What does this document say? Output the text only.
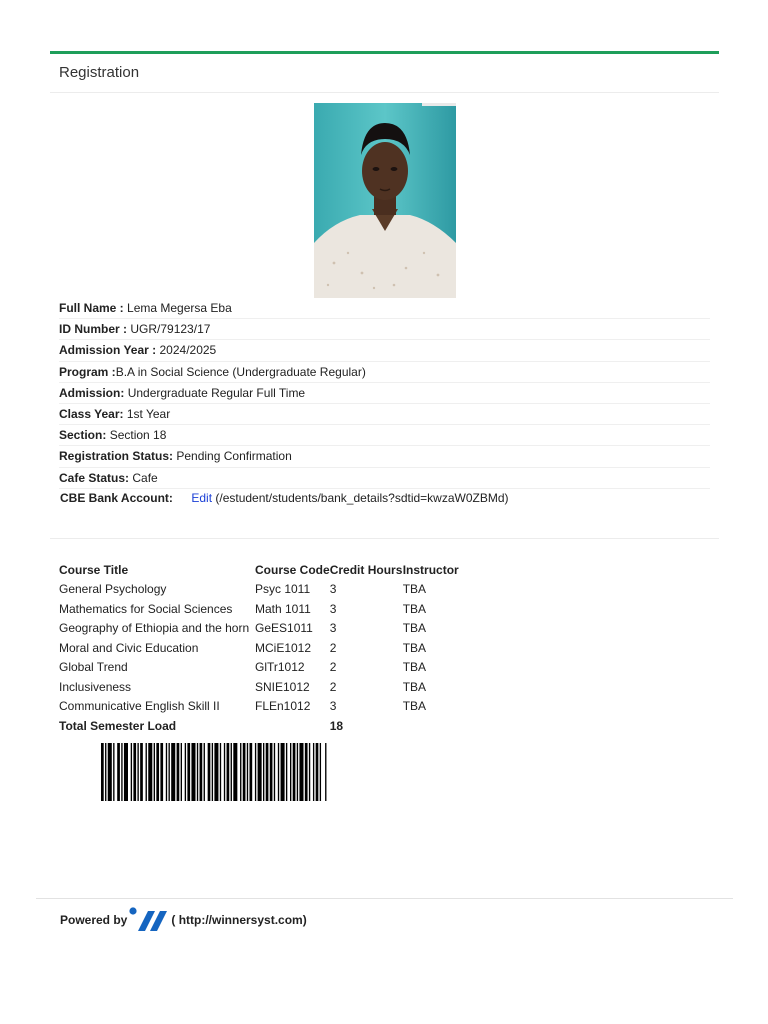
Registration
Full Name : Lema Megersa Eba
ID Number : UGR/79123/17
Admission Year : 2024/2025
Program :B.A in Social Science (Undergraduate Regular)
Admission: Undergraduate Regular Full Time
Class Year: 1st Year
Section: Section 18
Registration Status: Pending Confirmation
Cafe Status: Cafe
CBE Bank Account: Edit (/estudent/students/bank_details?sdtid=kwzaW0ZBMd)
Course Title	Course Code	Credit Hours	Instructor
General Psychology	Psyc 1011	3	TBA
Mathematics for Social Sciences	Math 1011	3	TBA
Geography of Ethiopia and the horn	GeES1011	3	TBA
Moral and Civic Education	MCiE1012	2	TBA
Global Trend	GlTr1012	2	TBA
Inclusiveness	SNIE1012	2	TBA
Communicative English Skill II	FLEn1012	3	TBA
Total Semester Load		18	
Powered by	( http://winnersyst.com)
